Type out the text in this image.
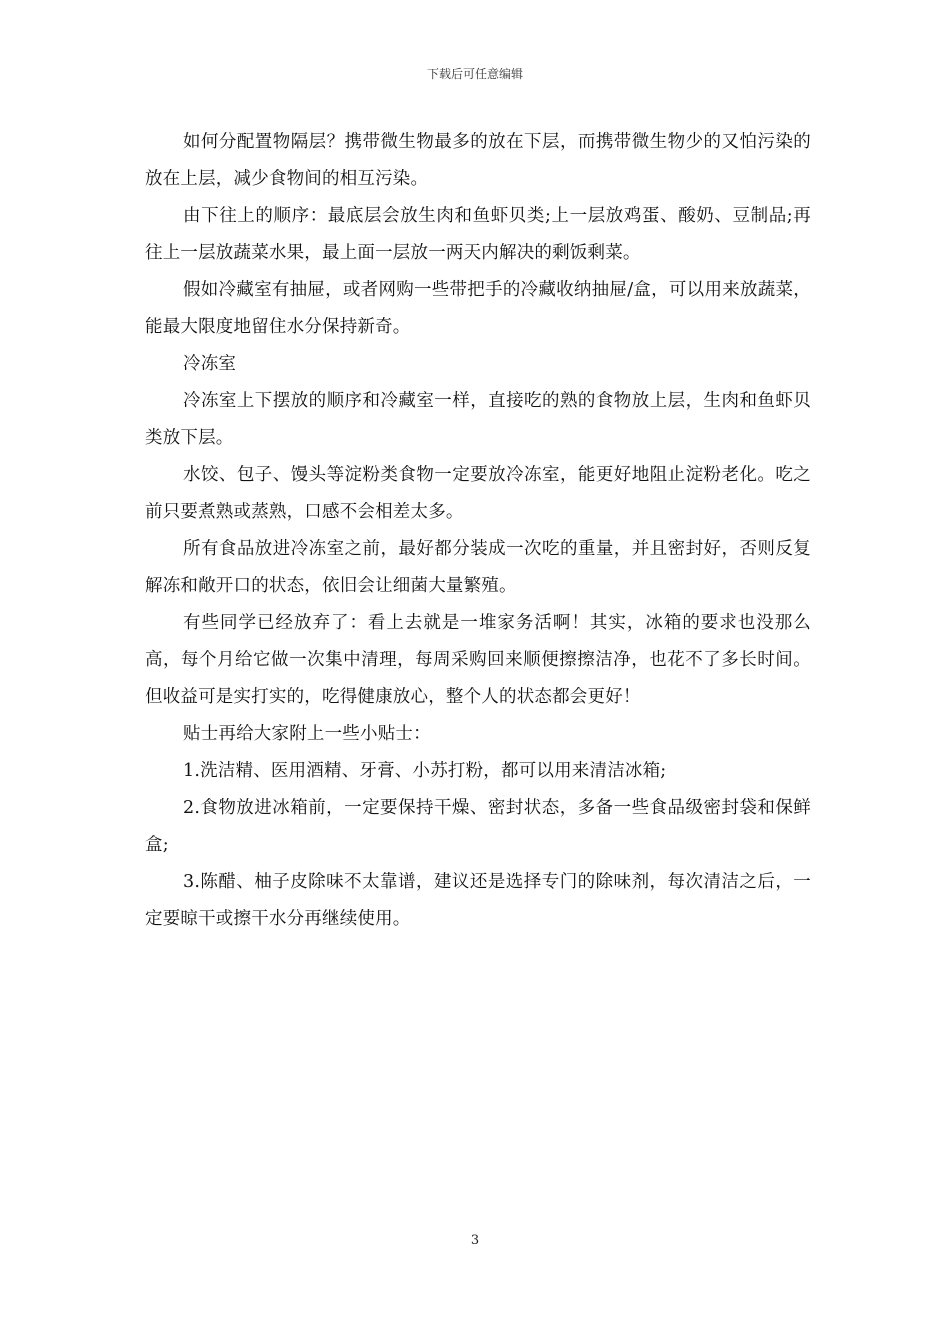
下载后可任意编辑

如何分配置物隔层？携带微生物最多的放在下层，而携带微生物少的又怕污染的放在上层，减少食物间的相互污染。

由下往上的顺序：最底层会放生肉和鱼虾贝类;上一层放鸡蛋、酸奶、豆制品;再往上一层放蔬菜水果，最上面一层放一两天内解决的剩饭剩菜。

假如冷藏室有抽屉，或者网购一些带把手的冷藏收纳抽屉/盒，可以用来放蔬菜，能最大限度地留住水分保持新奇。

冷冻室

冷冻室上下摆放的顺序和冷藏室一样，直接吃的熟的食物放上层，生肉和鱼虾贝类放下层。

水饺、包子、馒头等淀粉类食物一定要放冷冻室，能更好地阻止淀粉老化。吃之前只要煮熟或蒸熟，口感不会相差太多。

所有食品放进冷冻室之前，最好都分装成一次吃的重量，并且密封好，否则反复解冻和敞开口的状态，依旧会让细菌大量繁殖。

有些同学已经放弃了：看上去就是一堆家务活啊！其实，冰箱的要求也没那么高，每个月给它做一次集中清理，每周采购回来顺便擦擦洁净，也花不了多长时间。但收益可是实打实的，吃得健康放心，整个人的状态都会更好！

贴士再给大家附上一些小贴士：

1.洗洁精、医用酒精、牙膏、小苏打粉，都可以用来清洁冰箱;

2.食物放进冰箱前，一定要保持干燥、密封状态，多备一些食品级密封袋和保鲜盒;

3.陈醋、柚子皮除味不太靠谱，建议还是选择专门的除味剂，每次清洁之后，一定要晾干或擦干水分再继续使用。

3
